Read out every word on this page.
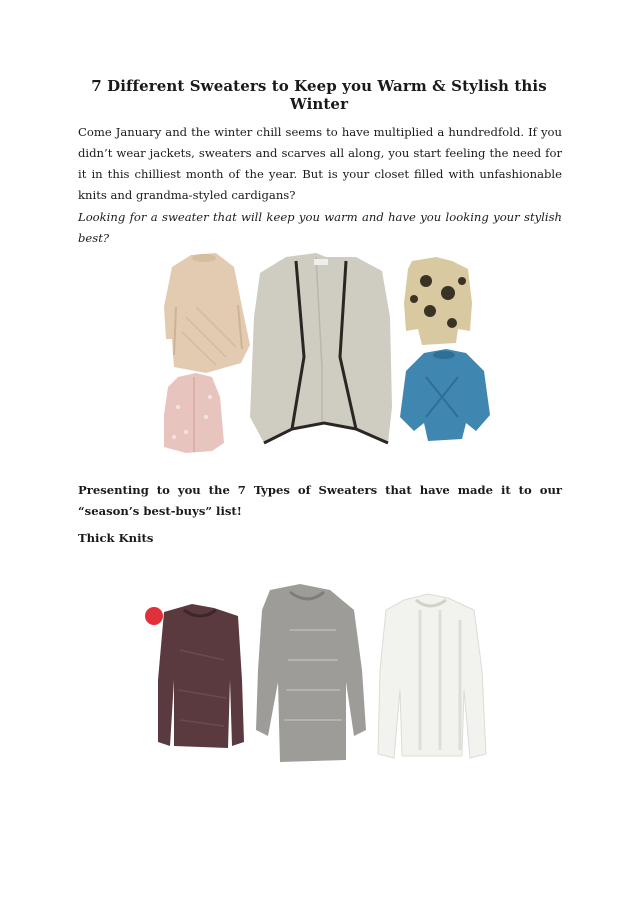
7 Different Sweaters to Keep you Warm & Stylish this Winter
Come January and the winter chill seems to have multiplied a hundredfold. If you didn’t wear jackets, sweaters and scarves all along, you start feeling the need for it in this chilliest month of the year. But is your closet filled with unfashionable knits and grandma-styled cardigans?
Looking for a sweater that will keep you warm and have you looking your stylish best?
Presenting to you the 7 Types of Sweaters that have made it to our “season’s best-buys” list!
Thick Knits
